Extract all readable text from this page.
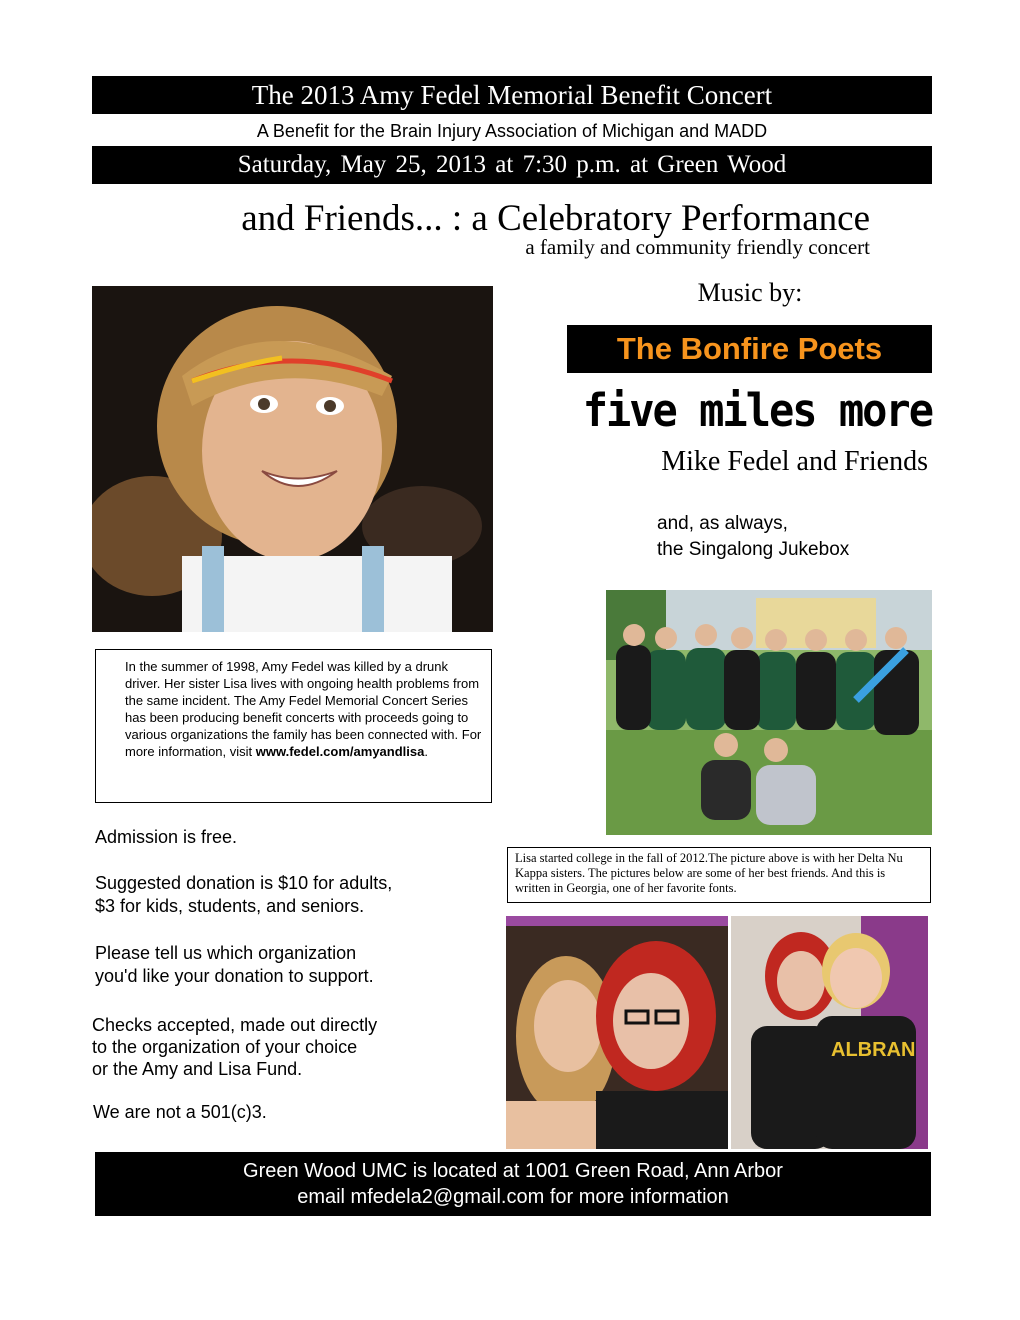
The 2013 Amy Fedel Memorial Benefit Concert
A Benefit for the Brain Injury Association of Michigan and MADD
Saturday, May 25, 2013 at 7:30 p.m. at Green Wood
and Friends... : a Celebratory Performance
a family and community friendly concert
Music by:
The Bonfire Poets
five miles more
Mike Fedel and Friends
and, as always,
the Singalong Jukebox
In the summer of 1998, Amy Fedel was killed by a drunk driver. Her sister Lisa lives with ongoing health problems from the same incident. The Amy Fedel Memorial Concert Series has been producing benefit concerts with proceeds going to various organizations the family has been connected with. For more information, visit www.fedel.com/amyandlisa.
Lisa started college in the fall of 2012.The picture above is with her Delta Nu Kappa sisters. The pictures below are some of her best friends. And this is written in Georgia, one of her favorite fonts.
ALBRAN
Admission is free.
Suggested donation is $10 for adults,
$3 for kids, students, and seniors.
Please tell us which organization
you'd like your donation to support.
Checks accepted, made out directly
to the organization of your choice
or the Amy and Lisa Fund.
We are not a 501(c)3.
Green Wood UMC is located at 1001 Green Road, Ann Arbor
email mfedela2@gmail.com for more information
